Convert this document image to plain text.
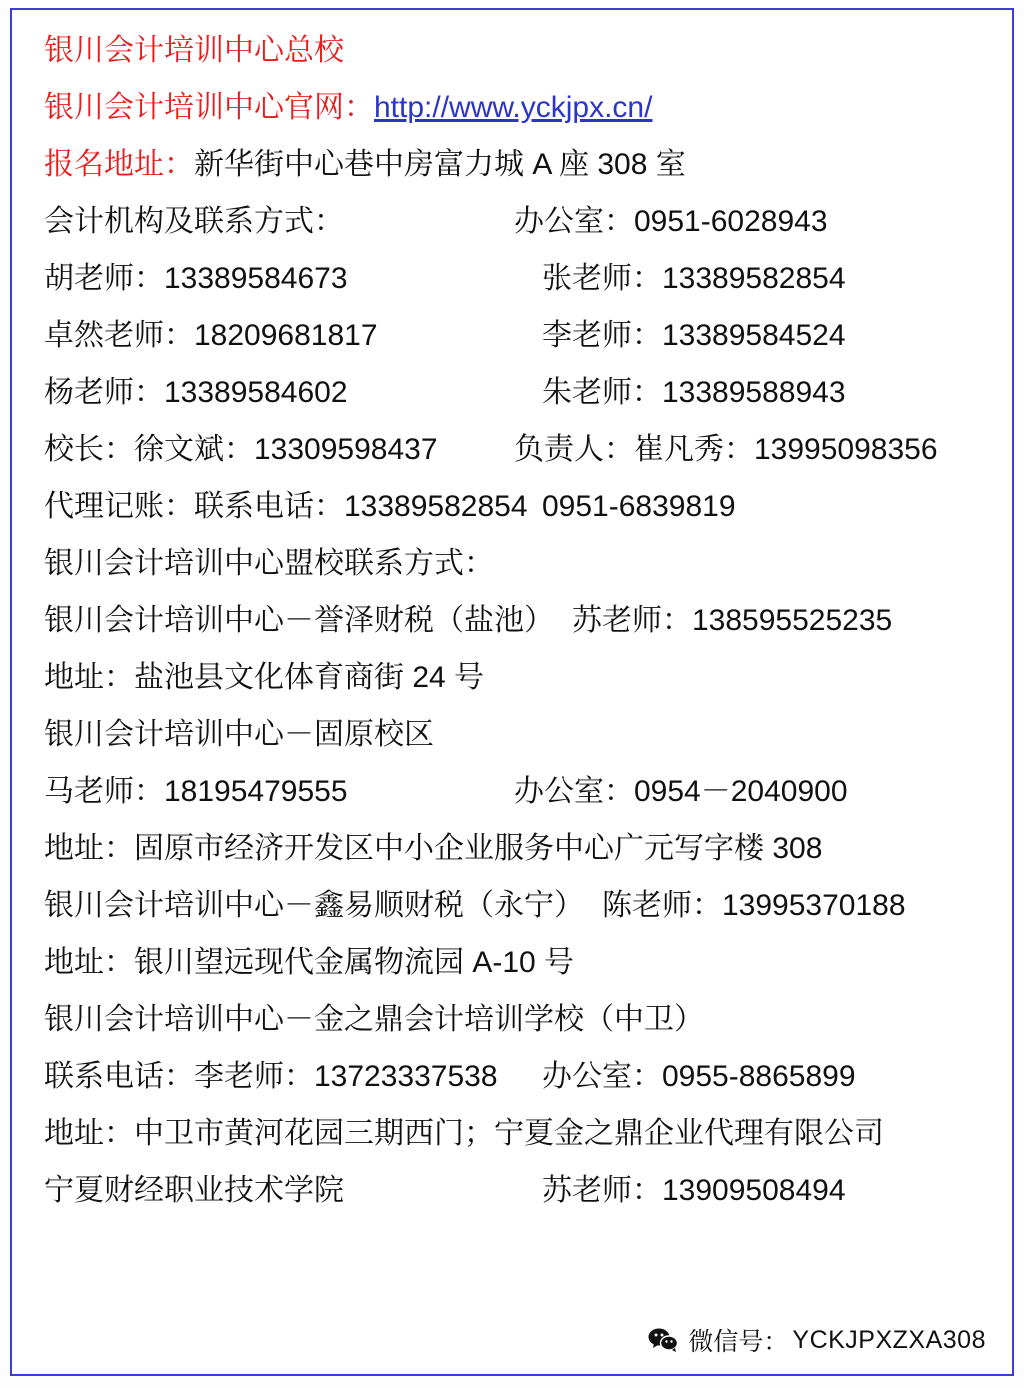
银川会计培训中心总校
银川会计培训中心官网： http://www.yckjpx.cn/
报名地址： 新华街中心巷中房富力城 A 座 308 室
会计机构及联系方式：	办公室：0951-6028943
胡老师：13389584673	张老师：13389582854
卓然老师：18209681817	李老师：13389584524
杨老师：13389584602	朱老师：13389588943
校长：徐文斌：13309598437	负责人：崔凡秀：13995098356
代理记账：联系电话：13389582854 0951-6839819
银川会计培训中心盟校联系方式：
银川会计培训中心－誉泽财税（盐池） 苏老师：138595525235
地址：盐池县文化体育商街 24 号
银川会计培训中心－固原校区
马老师：18195479555	办公室：0954－2040900
地址：固原市经济开发区中小企业服务中心广元写字楼 308
银川会计培训中心－鑫易顺财税（永宁） 陈老师：13995370188
地址：银川望远现代金属物流园 A-10 号
银川会计培训中心－金之鼎会计培训学校（中卫）
联系电话：李老师：13723337538	办公室：0955-8865899
地址：中卫市黄河花园三期西门；宁夏金之鼎企业代理有限公司
宁夏财经职业技术学院	苏老师：13909508494
微信号： YCKJPXZXA308
